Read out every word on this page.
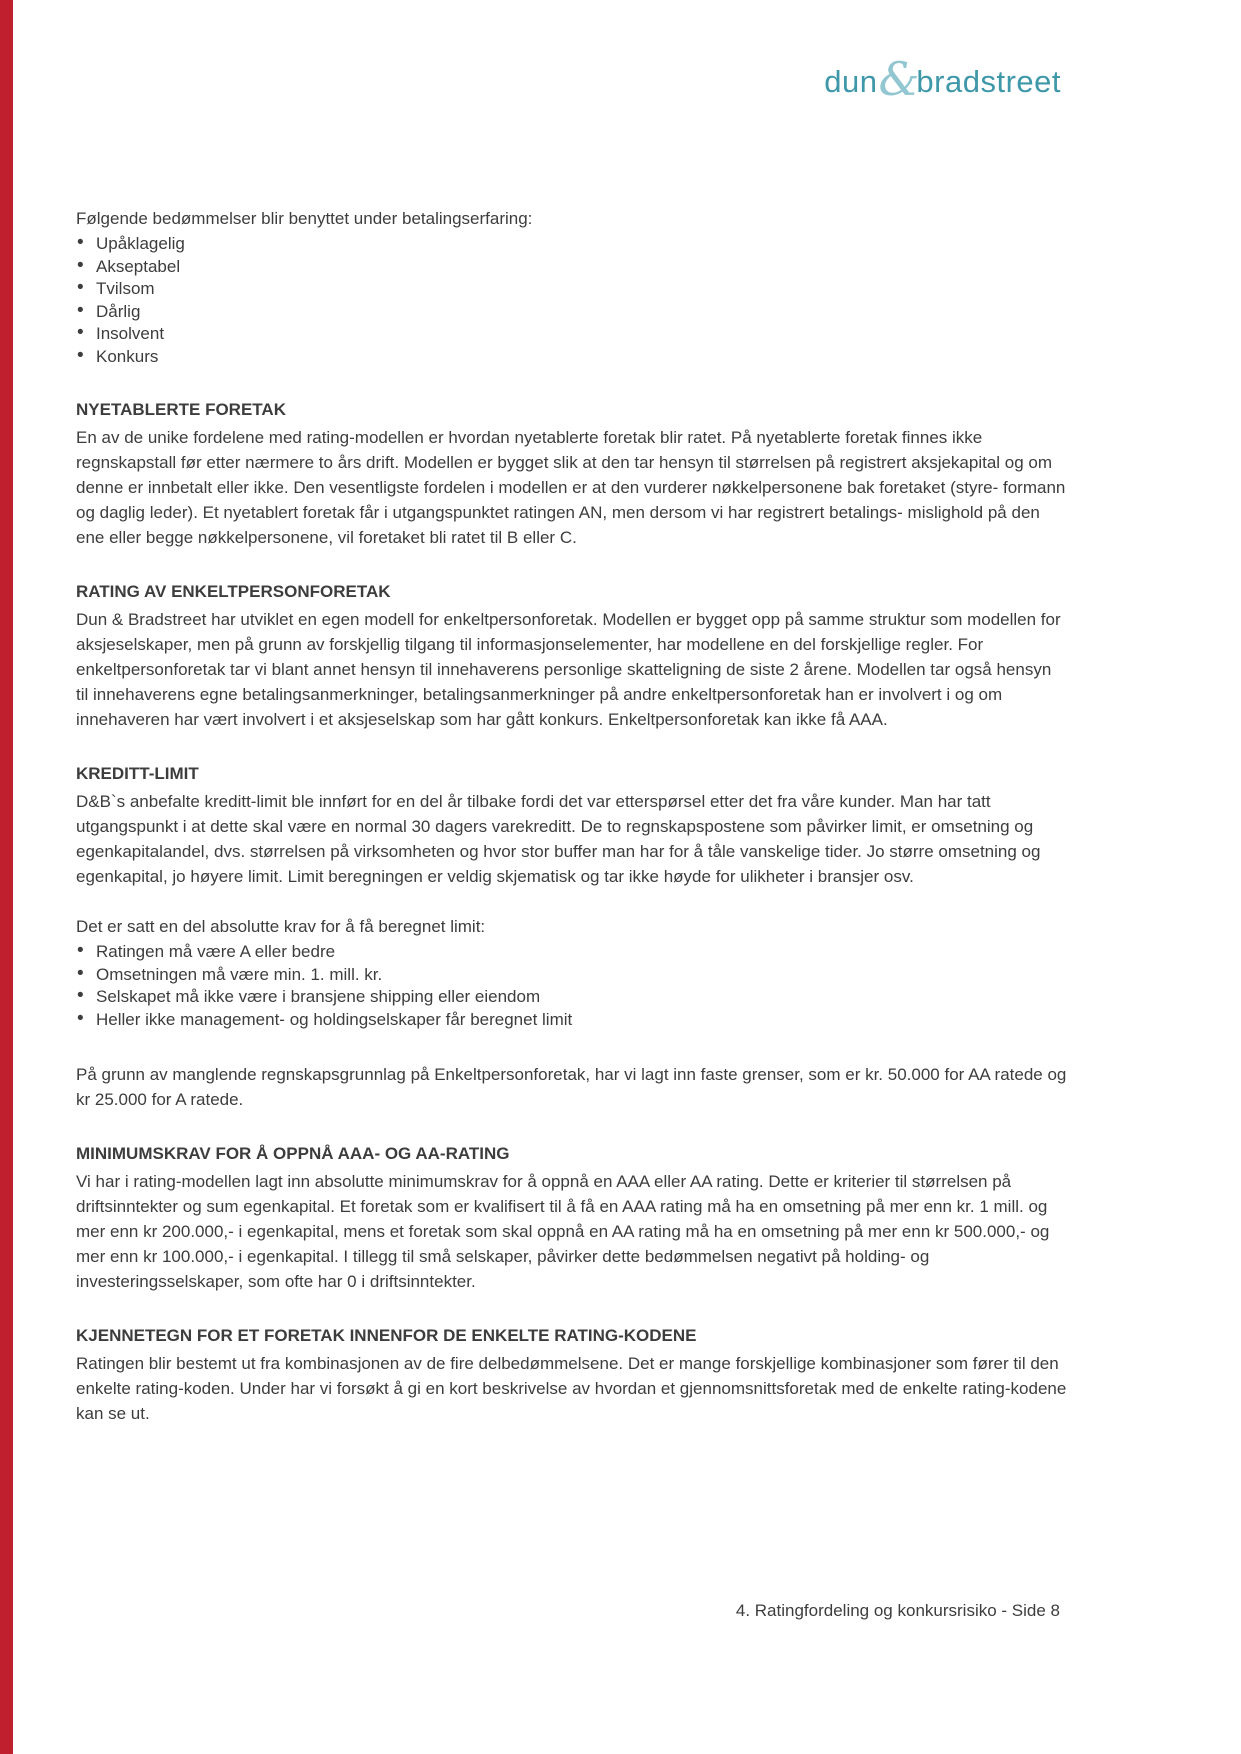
dun &
bradstreet

Følgende bedømmelser blir benyttet under betalingserfaring:

• Upåklagelig
• Akseptabel
• Tvilsom
• Dårlig
• Insolvent
• Konkurs
NYETABLERTE FORETAK

En av de unike fordelene med rating-modellen er hvordan nyetablerte foretak blir ratet. På nyetablerte foretak finnes ikke regnskapstall før etter nærmere to års drift. Modellen er bygget slik at den tar hensyn til størrelsen på registrert aksjekapital og om denne er innbetalt eller ikke. Den vesentligste fordelen i modellen er at den vurderer nøkkelpersonene bak foretaket (styre- formann og daglig leder). Et nyetablert foretak får i utgangspunktet ratingen AN, men dersom vi har registrert betalings- mislighold på den ene eller begge nøkkelpersonene, vil foretaket bli ratet til B eller C.

RATING AV ENKELTPERSONFORETAK

Dun & Bradstreet har utviklet en egen modell for enkeltpersonforetak. Modellen er bygget opp på samme struktur som modellen for aksjeselskaper, men på grunn av forskjellig tilgang til informasjonselementer, har modellene en del forskjellige regler. For enkeltpersonforetak tar vi blant annet hensyn til innehaverens personlige skatteligning de siste 2 årene. Modellen tar også hensyn til innehaverens egne betalingsanmerkninger, betalingsanmerkninger på andre enkeltpersonforetak han er involvert i og om innehaveren har vært involvert i et aksjeselskap som har gått konkurs. Enkeltpersonforetak kan ikke få AAA.

KREDITT-LIMIT

D&B`s anbefalte kreditt-limit ble innført for en del år tilbake fordi det var etterspørsel etter det fra våre kunder. Man har tatt utgangspunkt i at dette skal være en normal 30 dagers varekreditt. De to regnskapspostene som påvirker limit, er omsetning og egenkapitalandel, dvs. størrelsen på virksomheten og hvor stor buffer man har for å tåle vanskelige tider. Jo større omsetning og egenkapital, jo høyere limit. Limit beregningen er veldig skjematisk og tar ikke høyde for ulikheter i bransjer osv.

Det er satt en del absolutte krav for å få beregnet limit:

• Ratingen må være A eller bedre
• Omsetningen må være min. 1. mill. kr.
• Selskapet må ikke være i bransjene shipping eller eiendom
• Heller ikke management- og holdingselskaper får beregnet limit

På grunn av manglende regnskapsgrunnlag på Enkeltpersonforetak, har vi lagt inn faste grenser, som er kr. 50.000 for AA ratede og kr 25.000 for A ratede.

MINIMUMSKRAV FOR Å OPPNÅ AAA- OG AA-RATING

Vi har i rating-modellen lagt inn absolutte minimumskrav for å oppnå en AAA eller AA rating. Dette er kriterier til størrelsen på driftsinntekter og sum egenkapital. Et foretak som er kvalifisert til å få en AAA rating må ha en omsetning på mer enn kr. 1 mill. og mer enn kr 200.000,- i egenkapital, mens et foretak som skal oppnå en AA rating må ha en omsetning på mer enn kr 500.000,- og mer enn kr 100.000,- i egenkapital. I tillegg til små selskaper, påvirker dette bedømmelsen negativt på holding- og investeringsselskaper, som ofte har 0 i driftsinntekter.

KJENNETEGN FOR ET FORETAK INNENFOR DE ENKELTE RATING-KODENE

Ratingen blir bestemt ut fra kombinasjonen av de fire delbedømmelsene. Det er mange forskjellige kombinasjoner som fører til den enkelte rating-koden. Under har vi forsøkt å gi en kort beskrivelse av hvordan et gjennomsnittsforetak med de enkelte rating-kodene kan se ut.

4. Ratingfordeling og konkursrisiko - Side 8
